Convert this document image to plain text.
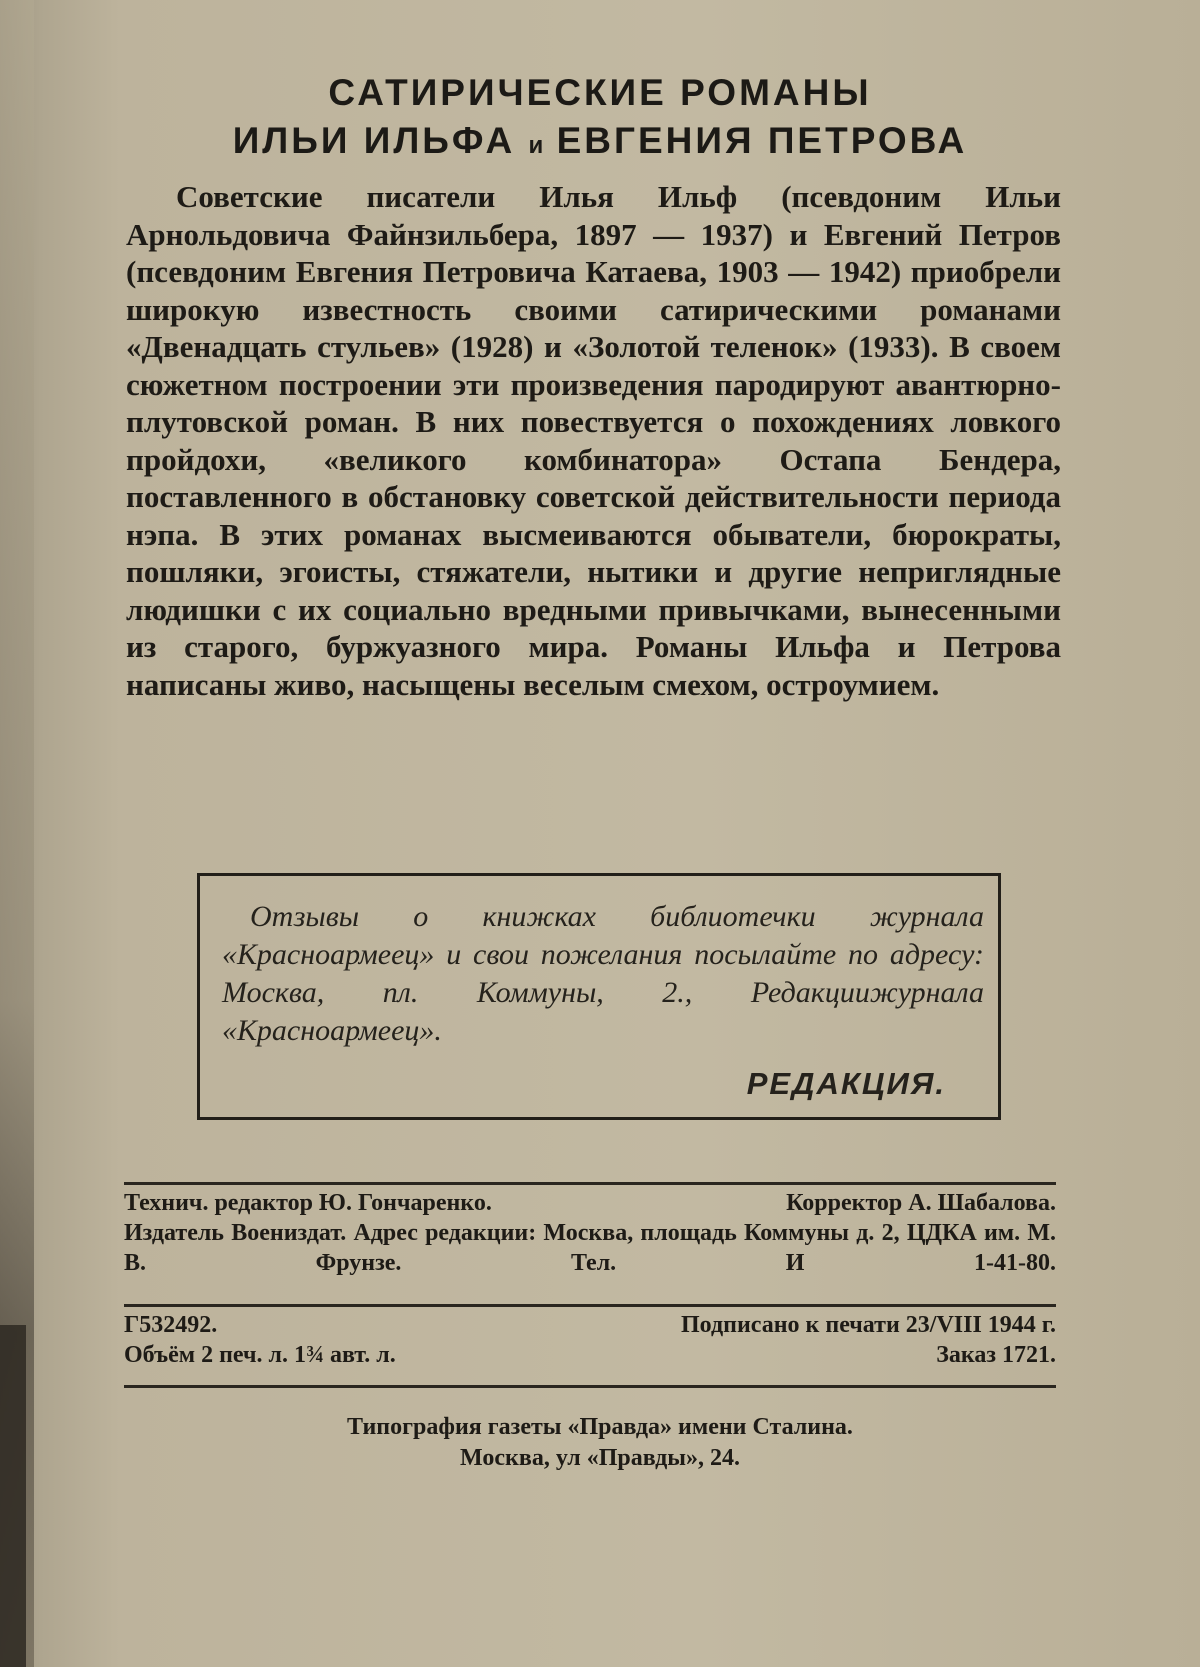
САТИРИЧЕСКИЕ РОМАНЫ
ИЛЬИ ИЛЬФА и ЕВГЕНИЯ ПЕТРОВА
Советские писатели Илья Ильф (псевдоним Ильи Арнольдовича Файнзильбера, 1897 — 1937) и Евгений Петров (псевдоним Евгения Петровича Катаева, 1903 — 1942) приобрели широкую известность своими сатирическими романами «Двенадцать стульев» (1928) и «Золотой теленок» (1933). В своем сюжетном построении эти произведения пародируют авантюрно-плутовской роман. В них повествуется о похождениях ловкого пройдохи, «великого комбинатора» Остапа Бендера, поставленного в обстановку советской действительности периода нэпа. В этих романах высмеиваются обыватели, бюрократы, пошляки, эгоисты, стяжатели, нытики и другие неприглядные людишки с их социально вредными привычками, вынесенными из старого, буржуазного мира. Романы Ильфа и Петрова написаны живо, насыщены веселым смехом, остроумием.
Отзывы о книжках библиотечки журнала «Красноармеец» и свои пожелания посылайте по адресу: Москва, пл. Коммуны, 2., Редакциижурнала «Красноармеец».
РЕДАКЦИЯ.
Технич. редактор Ю. Гончаренко.	Корректор А. Шабалова.
Издатель Воениздат. Адрес редакции: Москва, площадь Коммуны д. 2, ЦДКА им. М. В. Фрунзе. Тел. И 1-41-80.
Г532492.	Подписано к печати 23/VIII 1944 г.
Объём 2 печ. л. 1¾ авт. л.	Заказ 1721.
Типография газеты «Правда» имени Сталина.
Москва, ул «Правды», 24.
